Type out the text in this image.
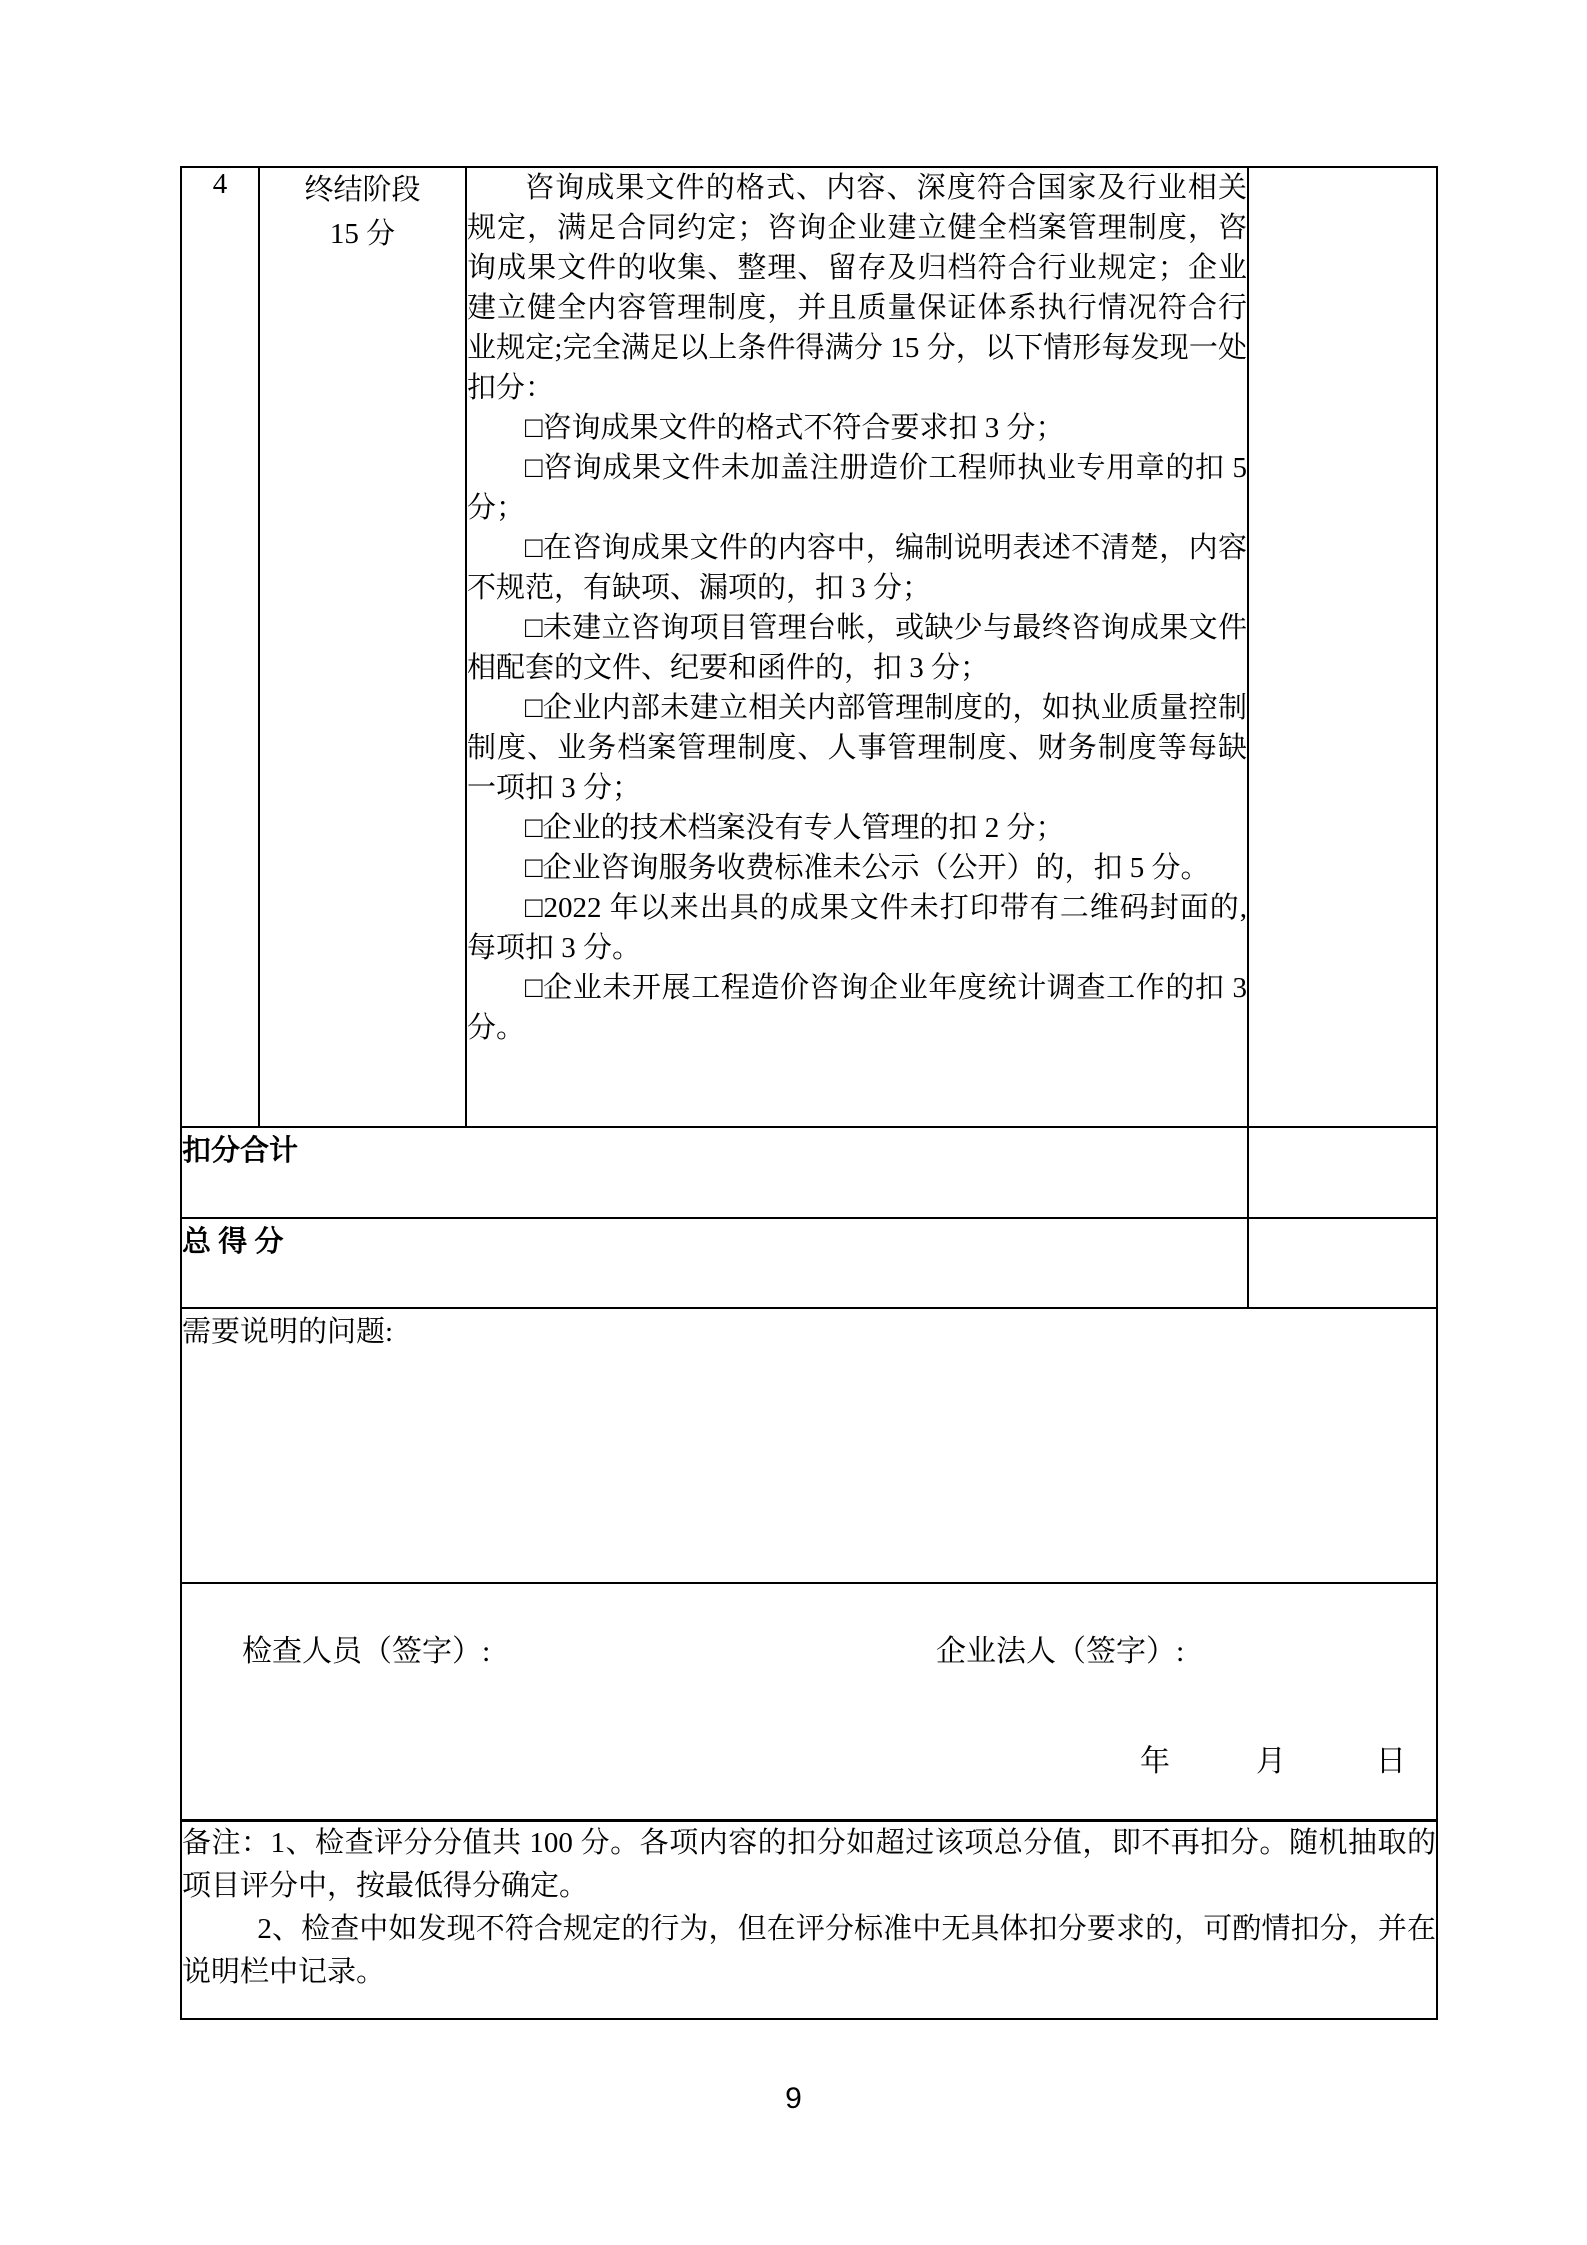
4	终结阶段
15 分

咨询成果文件的格式、内容、深度符合国家及行业相关规定，满足合同约定；咨询企业建立健全档案管理制度，咨询成果文件的收集、整理、留存及归档符合行业规定；企业建立健全内容管理制度，并且质量保证体系执行情况符合行业规定;完全满足以上条件得满分 15 分，以下情形每发现一处扣分：

□咨询成果文件的格式不符合要求扣 3 分；

□咨询成果文件未加盖注册造价工程师执业专用章的扣 5 分；

□在咨询成果文件的内容中，编制说明表述不清楚，内容不规范，有缺项、漏项的，扣 3 分；

□未建立咨询项目管理台帐，或缺少与最终咨询成果文件相配套的文件、纪要和函件的，扣 3 分；

□企业内部未建立相关内部管理制度的，如执业质量控制制度、业务档案管理制度、人事管理制度、财务制度等每缺一项扣 3 分；

□企业的技术档案没有专人管理的扣 2 分；

□企业咨询服务收费标准未公示（公开）的，扣 5 分。

□2022 年以来出具的成果文件未打印带有二维码封面的,每项扣 3 分。

□企业未开展工程造价咨询企业年度统计调查工作的扣 3 分。

扣分合计			
总 得 分			
需要说明的问题:			

检查人员（签字）: 企业法人（签字）:
年 月 日			

备注：1、检查评分分值共 100 分。各项内容的扣分如超过该项总分值，即不再扣分。随机抽取的项目评分中，按最低得分确定。

2、检查中如发现不符合规定的行为，但在评分标准中无具体扣分要求的，可酌情扣分，并在说明栏中记录。			

9
